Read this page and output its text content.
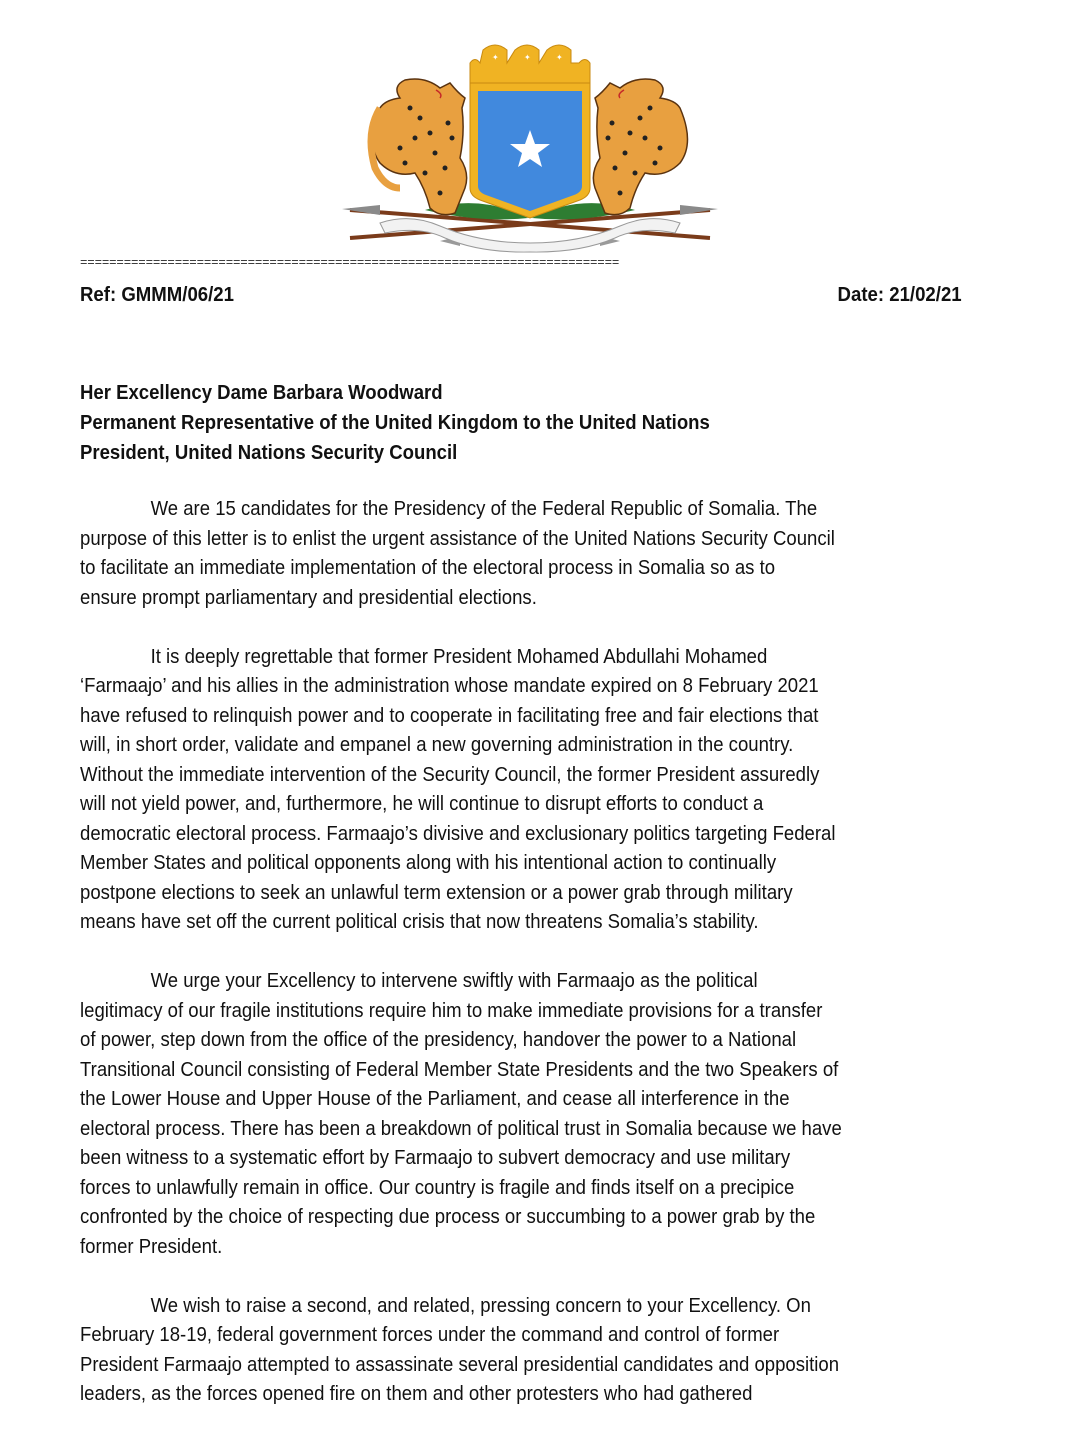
✦	✦	✦
==========================================================================
Ref: GMMM/06/21	Date: 21/02/21
Her Excellency Dame Barbara Woodward
Permanent Representative of the United Kingdom to the United Nations
President, United Nations Security Council
We are 15 candidates for the Presidency of the Federal Republic of Somalia. The
purpose of this letter is to enlist the urgent assistance of the United Nations Security Council
to facilitate an immediate implementation of the electoral process in Somalia so as to
ensure prompt parliamentary and presidential elections.
It is deeply regrettable that former President Mohamed Abdullahi Mohamed
‘Farmaajo’ and his allies in the administration whose mandate expired on 8 February 2021
have refused to relinquish power and to cooperate in facilitating free and fair elections that
will, in short order, validate and empanel a new governing administration in the country.
Without the immediate intervention of the Security Council, the former President assuredly
will not yield power, and, furthermore, he will continue to disrupt efforts to conduct a
democratic electoral process. Farmaajo’s divisive and exclusionary politics targeting Federal
Member States and political opponents along with his intentional action to continually
postpone elections to seek an unlawful term extension or a power grab through military
means have set off the current political crisis that now threatens Somalia’s stability.
We urge your Excellency to intervene swiftly with Farmaajo as the political
legitimacy of our fragile institutions require him to make immediate provisions for a transfer
of power, step down from the office of the presidency, handover the power to a National
Transitional Council consisting of Federal Member State Presidents and the two Speakers of
the Lower House and Upper House of the Parliament, and cease all interference in the
electoral process. There has been a breakdown of political trust in Somalia because we have
been witness to a systematic effort by Farmaajo to subvert democracy and use military
forces to unlawfully remain in office. Our country is fragile and finds itself on a precipice
confronted by the choice of respecting due process or succumbing to a power grab by the
former President.
We wish to raise a second, and related, pressing concern to your Excellency. On
February 18-19, federal government forces under the command and control of former
President Farmaajo attempted to assassinate several presidential candidates and opposition
leaders, as the forces opened fire on them and other protesters who had gathered
